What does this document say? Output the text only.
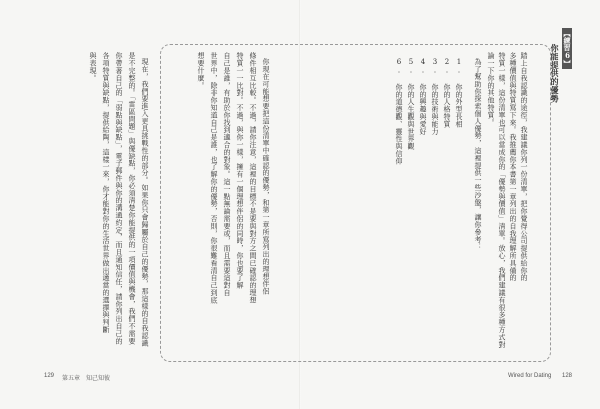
【練習6】
你能提供的優勢
踏上自我認識的途徑，我建議你列一份清單，把你覺得公司提供給你的
多種價值與特質寫下來。我推薦你本書第一章列出的自我理解所具備的
特質一樣，這份清單也可以當成你的「優勢與價值」清單。放心，我們建議有很多種方式對
論一下你的其他特質。
為了幫助你探索個人優勢，這裡提供一些沙盤，讓你參考：
1. 你的外型長相
2. 你的人格特質
3. 你的技術與能力
4. 你的興趣與愛好
5. 你的人生觀與世界觀
6. 你的道德觀、靈性與信仰
你現在可能想要把這份清單中確認的優勢，和第一章所寫列出的理想伴侶
條件相互比較。不過，請你注意，這裡的目標不是要與對方之間已確認的理想
特質一一比對。不過，與你一樣，擁有一個理想伴侶的同時，你也要了解
自己是誰，有助於你找到適合的對象。這一點無論需要或，而且需要這對自
世界中，除非你知道自己是誰，也了解你的優勢，否則，你很難看清自己到底
想要什麼。
現在，我們要進入更具挑戰性的部分。如果你只會歸屬於自己的優勢，那這樣的自我認識
是不完整的。「雷區問題」與優缺點，你必須清楚你能提供的一項價值與機會，我們不需要
你帶著自己的「弱點與缺點」，電子郵件與你的溝通約定，而且通知信任，請你列出自己的
各項特質與缺點，提供給陶，這樣一來，你才能對你的生活世界做出適當的選擇與判斷
與表現。
129 第五章　知己知彼	Wired for Dating 128
